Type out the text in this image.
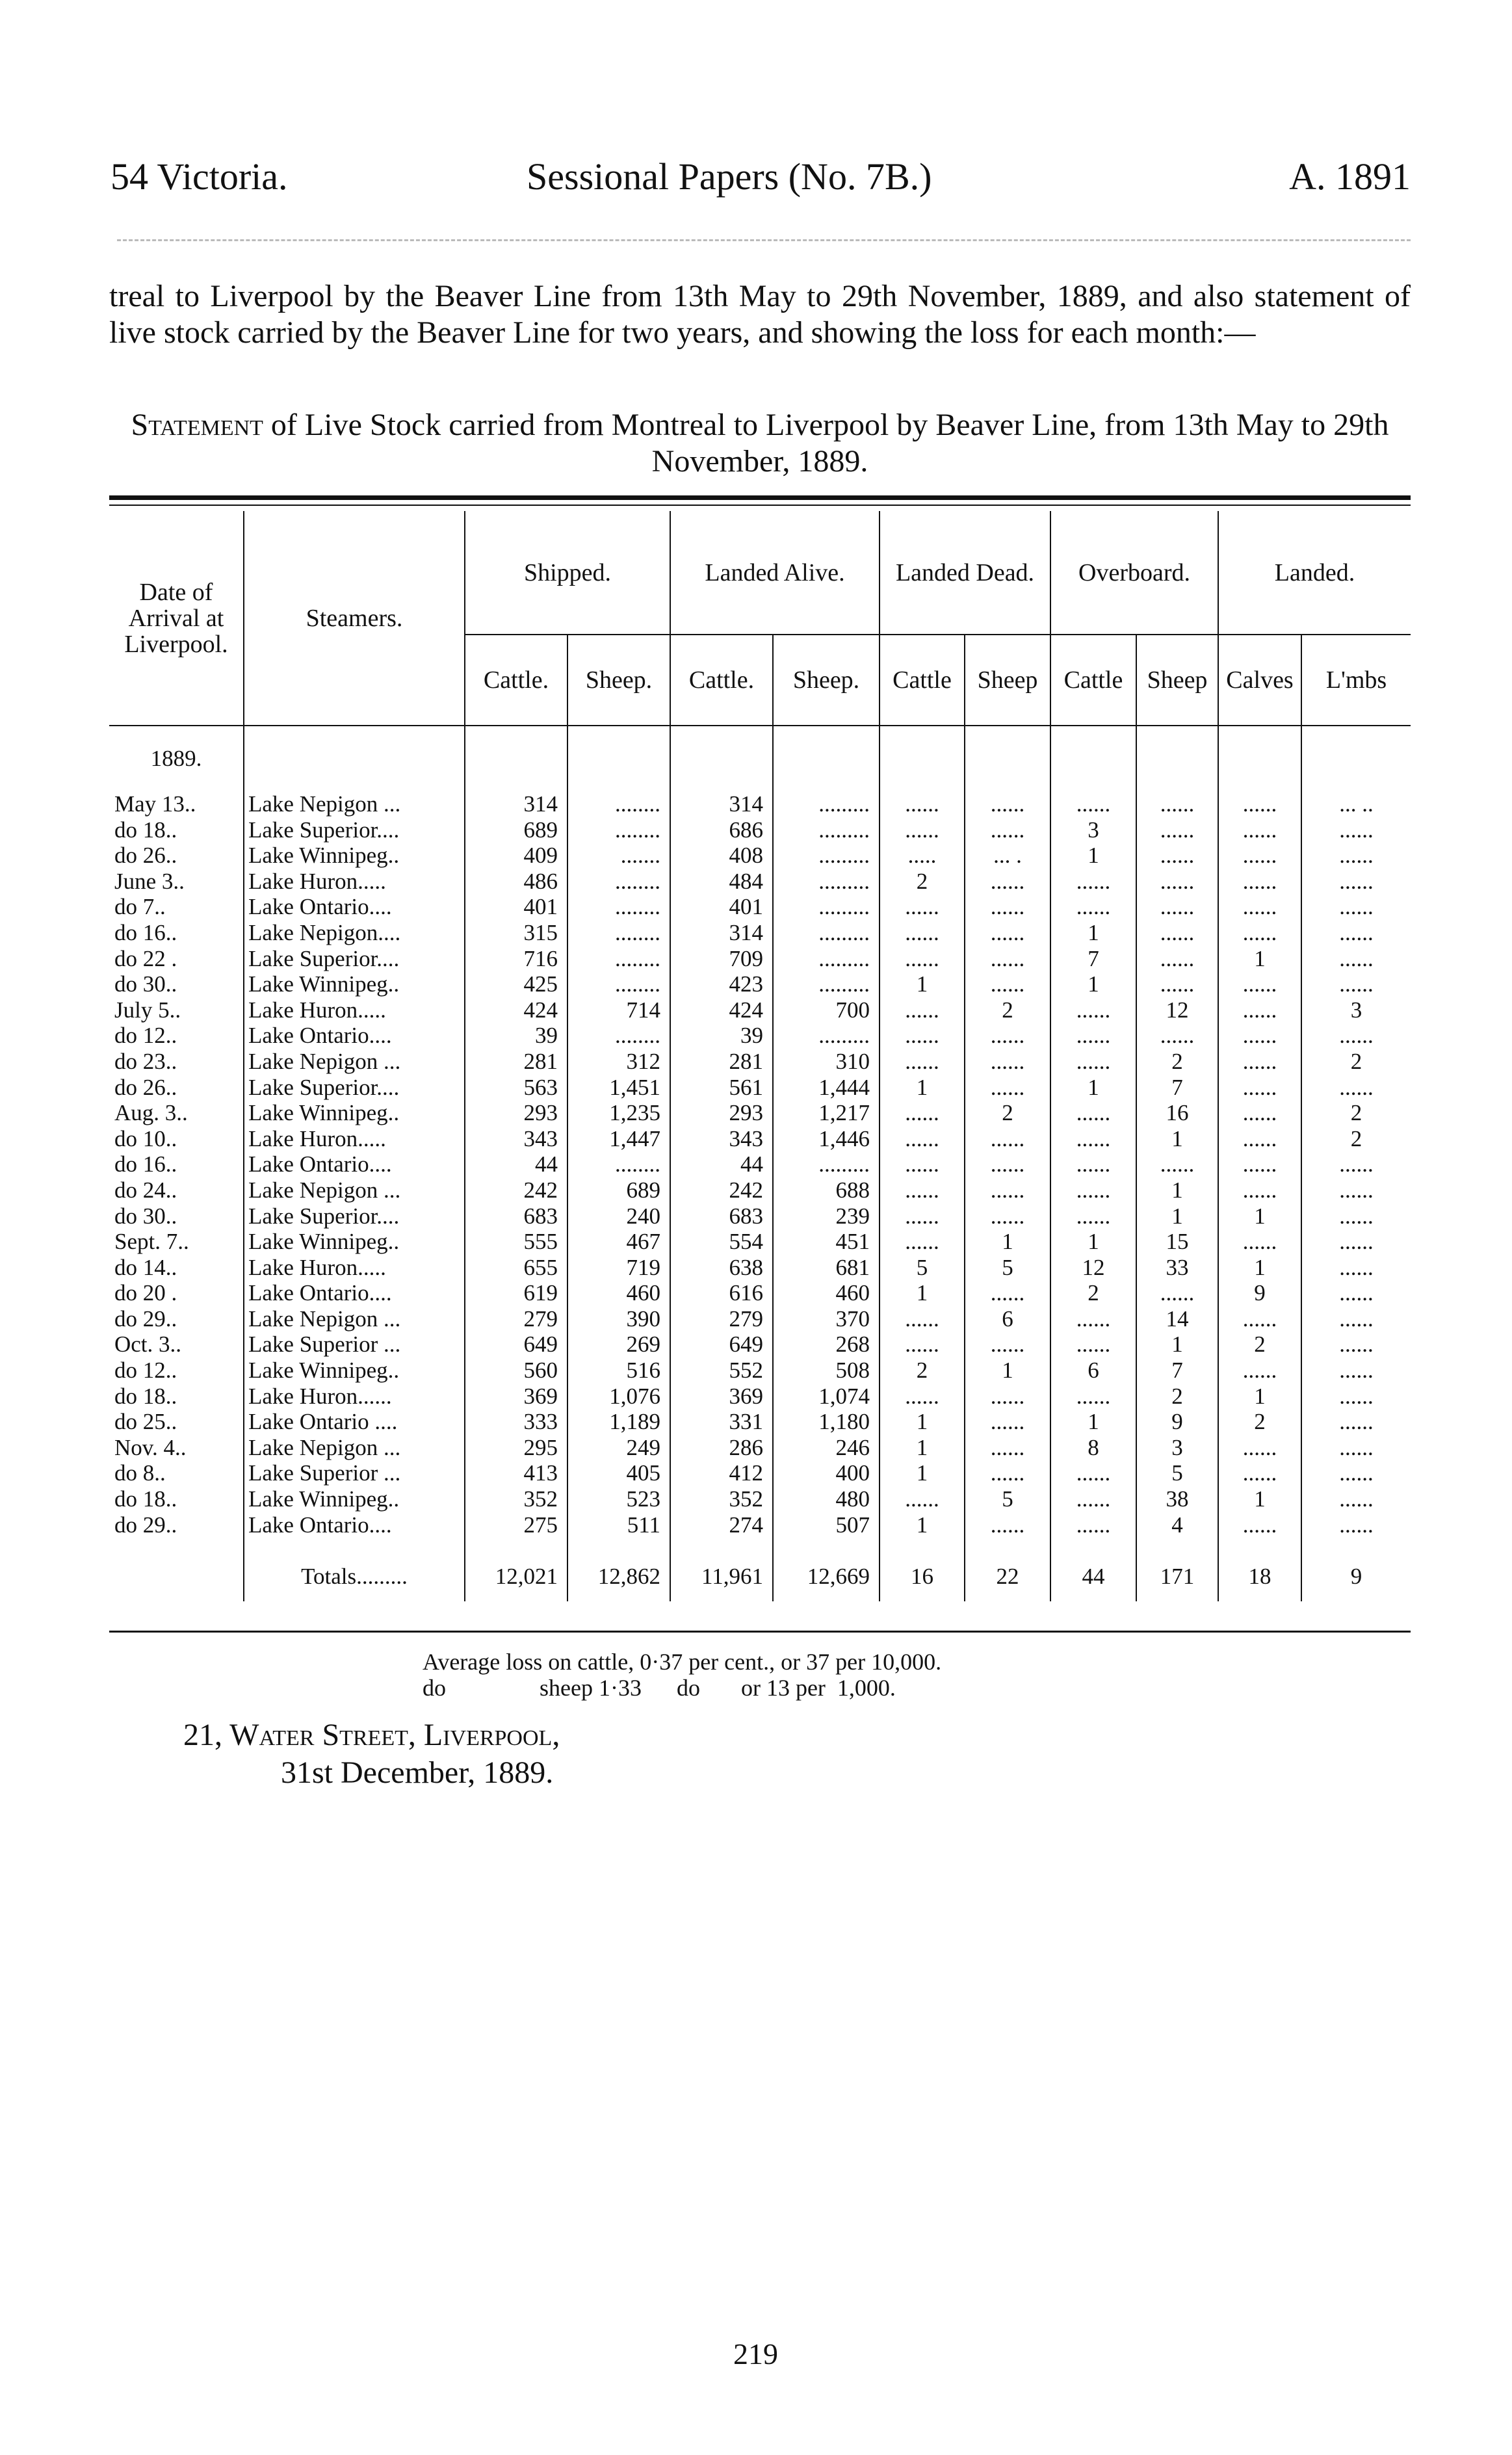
54 Victoria.	Sessional Papers (No. 7B.)	A. 1891
treal to Liverpool by the Beaver Line from 13th May to 29th November, 1889, and also statement of live stock carried by the Beaver Line for two years, and showing the loss for each month:—
Statement of Live Stock carried from Montreal to Liverpool by Beaver Line, from 13th May to 29th November, 1889.
Date of Arrival at Liverpool.	Steamers.	Shipped.		Landed Alive.		Landed Dead.		Overboard.		Landed.	
		Cattle.	Sheep.	Cattle.	Sheep.	Cattle	Sheep	Cattle	Sheep	Calves	L'mbs
1889.											
May 13..	Lake Nepigon ...	314	........	314	.........	......	......	......	......	......	... ..
do 18..	Lake Superior....	689	........	686	.........	......	......	3	......	......	......
do 26..	Lake Winnipeg..	409	.......	408	.........	.....	... .	1	......	......	......
June 3..	Lake Huron.....	486	........	484	.........	2	......	......	......	......	......
do 7..	Lake Ontario....	401	........	401	.........	......	......	......	......	......	......
do 16..	Lake Nepigon....	315	........	314	.........	......	......	1	......	......	......
do 22 .	Lake Superior....	716	........	709	.........	......	......	7	......	1	......
do 30..	Lake Winnipeg..	425	........	423	.........	1	......	1	......	......	......
July 5..	Lake Huron.....	424	714	424	700	......	2	......	12	......	3
do 12..	Lake Ontario....	39	........	39	.........	......	......	......	......	......	......
do 23..	Lake Nepigon ...	281	312	281	310	......	......	......	2	......	2
do 26..	Lake Superior....	563	1,451	561	1,444	1	......	1	7	......	......
Aug. 3..	Lake Winnipeg..	293	1,235	293	1,217	......	2	......	16	......	2
do 10..	Lake Huron.....	343	1,447	343	1,446	......	......	......	1	......	2
do 16..	Lake Ontario....	44	........	44	.........	......	......	......	......	......	......
do 24..	Lake Nepigon ...	242	689	242	688	......	......	......	1	......	......
do 30..	Lake Superior....	683	240	683	239	......	......	......	1	1	......
Sept. 7..	Lake Winnipeg..	555	467	554	451	......	1	1	15	......	......
do 14..	Lake Huron.....	655	719	638	681	5	5	12	33	1	......
do 20 .	Lake Ontario....	619	460	616	460	1	......	2	......	9	......
do 29..	Lake Nepigon ...	279	390	279	370	......	6	......	14	......	......
Oct. 3..	Lake Superior ...	649	269	649	268	......	......	......	1	2	......
do 12..	Lake Winnipeg..	560	516	552	508	2	1	6	7	......	......
do 18..	Lake Huron......	369	1,076	369	1,074	......	......	......	2	1	......
do 25..	Lake Ontario ....	333	1,189	331	1,180	1	......	1	9	2	......
Nov. 4..	Lake Nepigon ...	295	249	286	246	1	......	8	3	......	......
do 8..	Lake Superior ...	413	405	412	400	1	......	......	5	......	......
do 18..	Lake Winnipeg..	352	523	352	480	......	5	......	38	1	......
do 29..	Lake Ontario....	275	511	274	507	1	......	......	4	......	......

	Totals.........	12,021	12,862	11,961	12,669	16	22	44	171	18	9
Average loss on cattle, 0·37 per cent., or 37 per 10,000.
do                sheep 1·33      do       or 13 per  1,000.
21, Water Street, Liverpool,
31st December, 1889.
219
